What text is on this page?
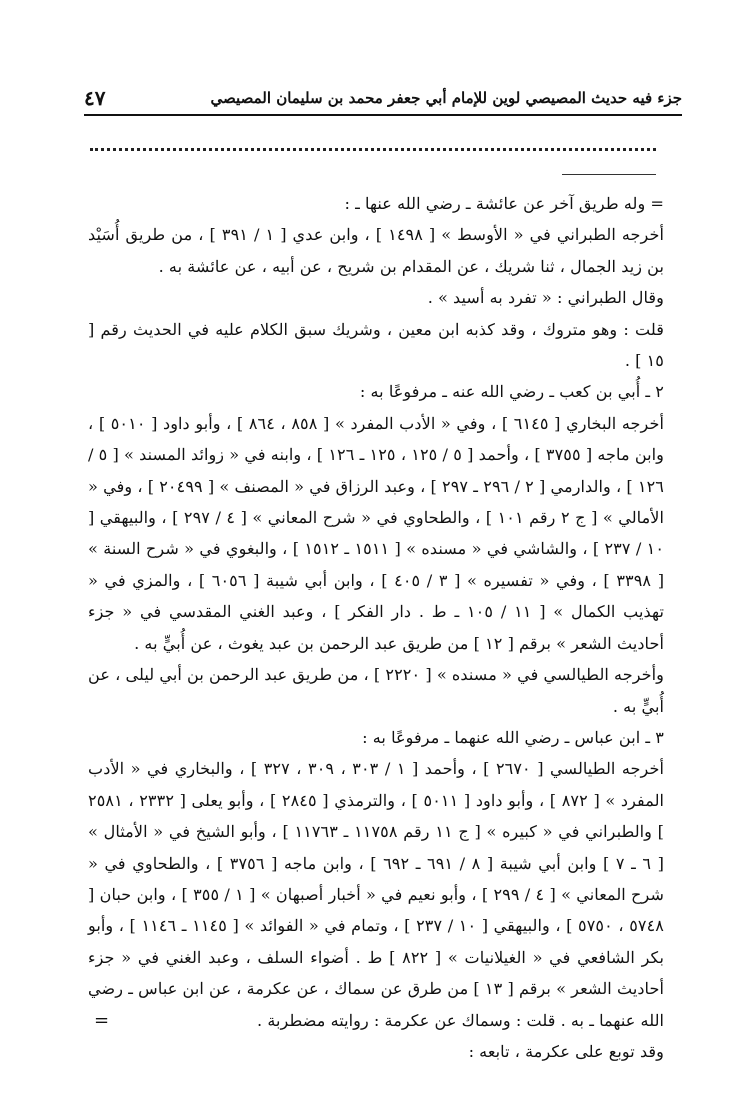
جزء فيه حديث المصيصي لوين للإمام أبي جعفر محمد بن سليمان المصيصي
٤٧

= وله طريق آخر عن عائشة ـ رضي الله عنها ـ :

أخرجه الطبراني في « الأوسط » [ ١٤٩٨ ] ، وابن عدي [ ١ / ٣٩١ ] ، من طريق أُسَيْد بن زيد الجمال ، ثنا شريك ، عن المقدام بن شريح ، عن أبيه ، عن عائشة به .

وقال الطبراني : « تفرد به أسيد » .

قلت : وهو متروك ، وقد كذبه ابن معين ، وشريك سبق الكلام عليه في الحديث رقم [ ١٥ ] .

٢ ـ أُبي بن كعب ـ رضي الله عنه ـ مرفوعًا به :

أخرجه البخاري [ ٦١٤٥ ] ، وفي « الأدب المفرد » [ ٨٥٨ ، ٨٦٤ ] ، وأبو داود [ ٥٠١٠ ] ، وابن ماجه [ ٣٧٥٥ ] ، وأحمد [ ٥ / ١٢٥ ، ١٢٥ ـ ١٢٦ ] ، وابنه في « زوائد المسند » [ ٥ / ١٢٦ ] ، والدارمي [ ٢ / ٢٩٦ ـ ٢٩٧ ] ، وعبد الرزاق في « المصنف » [ ٢٠٤٩٩ ] ، وفي « الأمالي » [ ج ٢ رقم ١٠١ ] ، والطحاوي في « شرح المعاني » [ ٤ / ٢٩٧ ] ، والبيهقي [ ١٠ / ٢٣٧ ] ، والشاشي في « مسنده » [ ١٥١١ ـ ١٥١٢ ] ، والبغوي في « شرح السنة » [ ٣٣٩٨ ] ، وفي « تفسيره » [ ٣ / ٤٠٥ ] ، وابن أبي شيبة [ ٦٠٥٦ ] ، والمزي في « تهذيب الكمال » [ ١١ / ١٠٥ ـ ط . دار الفكر ] ، وعبد الغني المقدسي في « جزء أحاديث الشعر » برقم [ ١٢ ] من طريق عبد الرحمن بن عبد يغوث ، عن أُبيٍّ به .

وأخرجه الطيالسي في « مسنده » [ ٢٢٢٠ ] ، من طريق عبد الرحمن بن أبي ليلى ، عن أُبيٍّ به .

٣ ـ ابن عباس ـ رضي الله عنهما ـ مرفوعًا به :

أخرجه الطيالسي [ ٢٦٧٠ ] ، وأحمد [ ١ / ٣٠٣ ، ٣٠٩ ، ٣٢٧ ] ، والبخاري في « الأدب المفرد » [ ٨٧٢ ] ، وأبو داود [ ٥٠١١ ] ، والترمذي [ ٢٨٤٥ ] ، وأبو يعلى [ ٢٣٣٢ ، ٢٥٨١ ] والطبراني في « كبيره » [ ج ١١ رقم ١١٧٥٨ ـ ١١٧٦٣ ] ، وأبو الشيخ في « الأمثال » [ ٦ ـ ٧ ] وابن أبي شيبة [ ٨ / ٦٩١ ـ ٦٩٢ ] ، وابن ماجه [ ٣٧٥٦ ] ، والطحاوي في « شرح المعاني » [ ٤ / ٢٩٩ ] ، وأبو نعيم في « أخبار أصبهان » [ ١ / ٣٥٥ ] ، وابن حبان [ ٥٧٤٨ ، ٥٧٥٠ ] ، والبيهقي [ ١٠ / ٢٣٧ ] ، وتمام في « الفوائد » [ ١١٤٥ ـ ١١٤٦ ] ، وأبو بكر الشافعي في « الغيلانيات » [ ٨٢٢ ] ط . أضواء السلف ، وعبد الغني في « جزء أحاديث الشعر » برقم [ ١٣ ] من طرق عن سماك ، عن عكرمة ، عن ابن عباس ـ رضي الله عنهما ـ به . قلت : وسماك عن عكرمة : روايته مضطربة .

وقد توبع على عكرمة ، تابعه :

=
